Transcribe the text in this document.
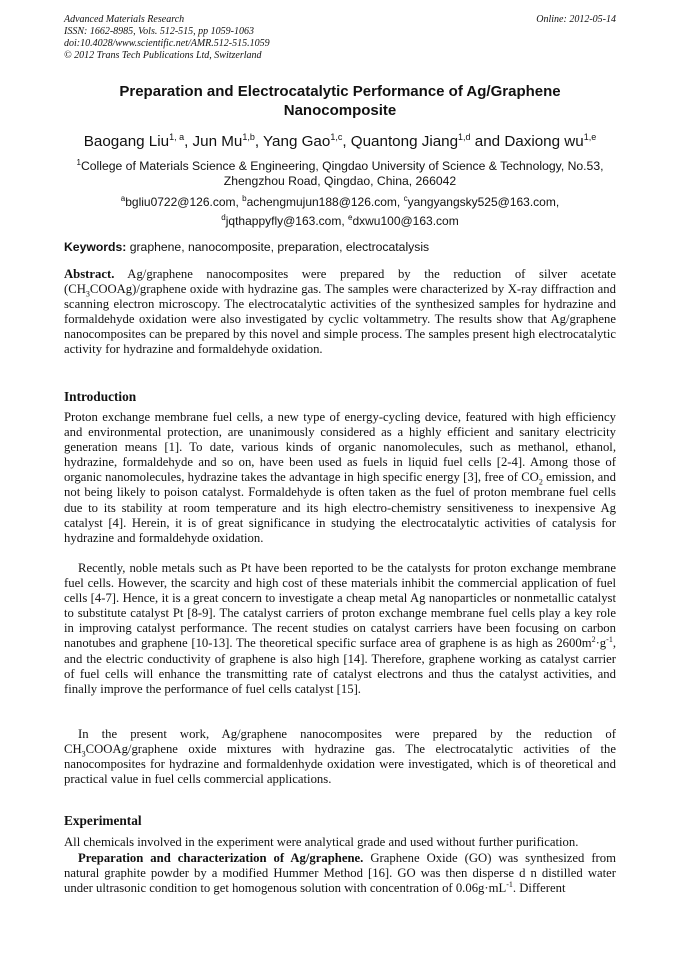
Advanced Materials Research
ISSN: 1662-8985, Vols. 512-515, pp 1059-1063
doi:10.4028/www.scientific.net/AMR.512-515.1059
© 2012 Trans Tech Publications Ltd, Switzerland
Online: 2012-05-14
Preparation and Electrocatalytic Performance of Ag/Graphene Nanocomposite
Baogang Liu$^{1, a}$, Jun Mu$^{1,b}$, Yang Gao$^{1,c}$, Quantong Jiang$^{1,d}$ and Daxiong wu$^{1,e}$
$^1$College of Materials Science & Engineering, Qingdao University of Science & Technology, No.53, Zhengzhou Road, Qingdao, China, 266042
$^a$bgliu0722@126.com, $^b$achengmujun188@126.com, $^c$yangyangsky525@163.com,
$^d$jqthappyfly@163.com, $^e$dxwu100@163.com
Keywords: graphene, nanocomposite, preparation, electrocatalysis

Abstract. Ag/graphene nanocomposites were prepared by the reduction of silver acetate $(CH_3COOAg)$/graphene oxide with hydrazine gas. The samples were characterized by X-ray diffraction and scanning electron microscopy. The electrocatalytic activities of the synthesized samples for hydrazine and formaldehyde oxidation were also investigated by cyclic voltammetry. The results show that Ag/graphene nanocomposites can be prepared by this novel and simple process. The samples present high electrocatalytic activity for hydrazine and formaldehyde oxidation.

Introduction

Proton exchange membrane fuel cells, a new type of energy-cycling device, featured with high efficiency and environmental protection, are unanimously considered as a highly efficient and sanitary electricity generation means [1]. To date, various kinds of organic nanomolecules, such as methanol, ethanol, hydrazine, formaldehyde and so on, have been used as fuels in liquid fuel cells [2-4]. Among those of organic nanomolecules, hydrazine takes the advantage in high specific energy [3], free of $CO_2$ emission, and not being likely to poison catalyst. Formaldehyde is often taken as the fuel of proton membrane fuel cells due to its stability at room temperature and its high electro-chemistry sensitiveness to inexpensive Ag catalyst [4]. Herein, it is of great significance in studying the electrocatalytic activities of catalysis for hydrazine and formaldehyde oxidation.

Recently, noble metals such as Pt have been reported to be the catalysts for proton exchange membrane fuel cells. However, the scarcity and high cost of these materials inhibit the commercial application of fuel cells [4-7]. Hence, it is a great concern to investigate a cheap metal Ag nanoparticles or nonmetallic catalyst to substitute catalyst Pt [8-9]. The catalyst carriers of proton exchange membrane fuel cells play a key role in improving catalyst performance. The recent studies on catalyst carriers have been focusing on carbon nanotubes and graphene [10-13]. The theoretical specific surface area of graphene is as high as $2600m^2\cdot g^{-1}$, and the electric conductivity of graphene is also high [14]. Therefore, graphene working as catalyst carrier of fuel cells will enhance the transmitting rate of catalyst electrons and thus the catalyst activities, and finally improve the performance of fuel cells catalyst [15].

In the present work, Ag/graphene nanocomposites were prepared by the reduction of $CH_3COOAg$/graphene oxide mixtures with hydrazine gas. The electrocatalytic activities of the nanocomposites for hydrazine and formaldenhyde oxidation were investigated, which is of theoretical and practical value in fuel cells commercial applications.

Experimental

All chemicals involved in the experiment were analytical grade and used without further purification.

Preparation and characterization of Ag/graphene. Graphene Oxide (GO) was synthesized from natural graphite powder by a modified Hummer Method [16]. GO was then disperse d n distilled water under ultrasonic condition to get homogenous solution with concentration of $0.06g\cdot mL^{-1}$. Different
